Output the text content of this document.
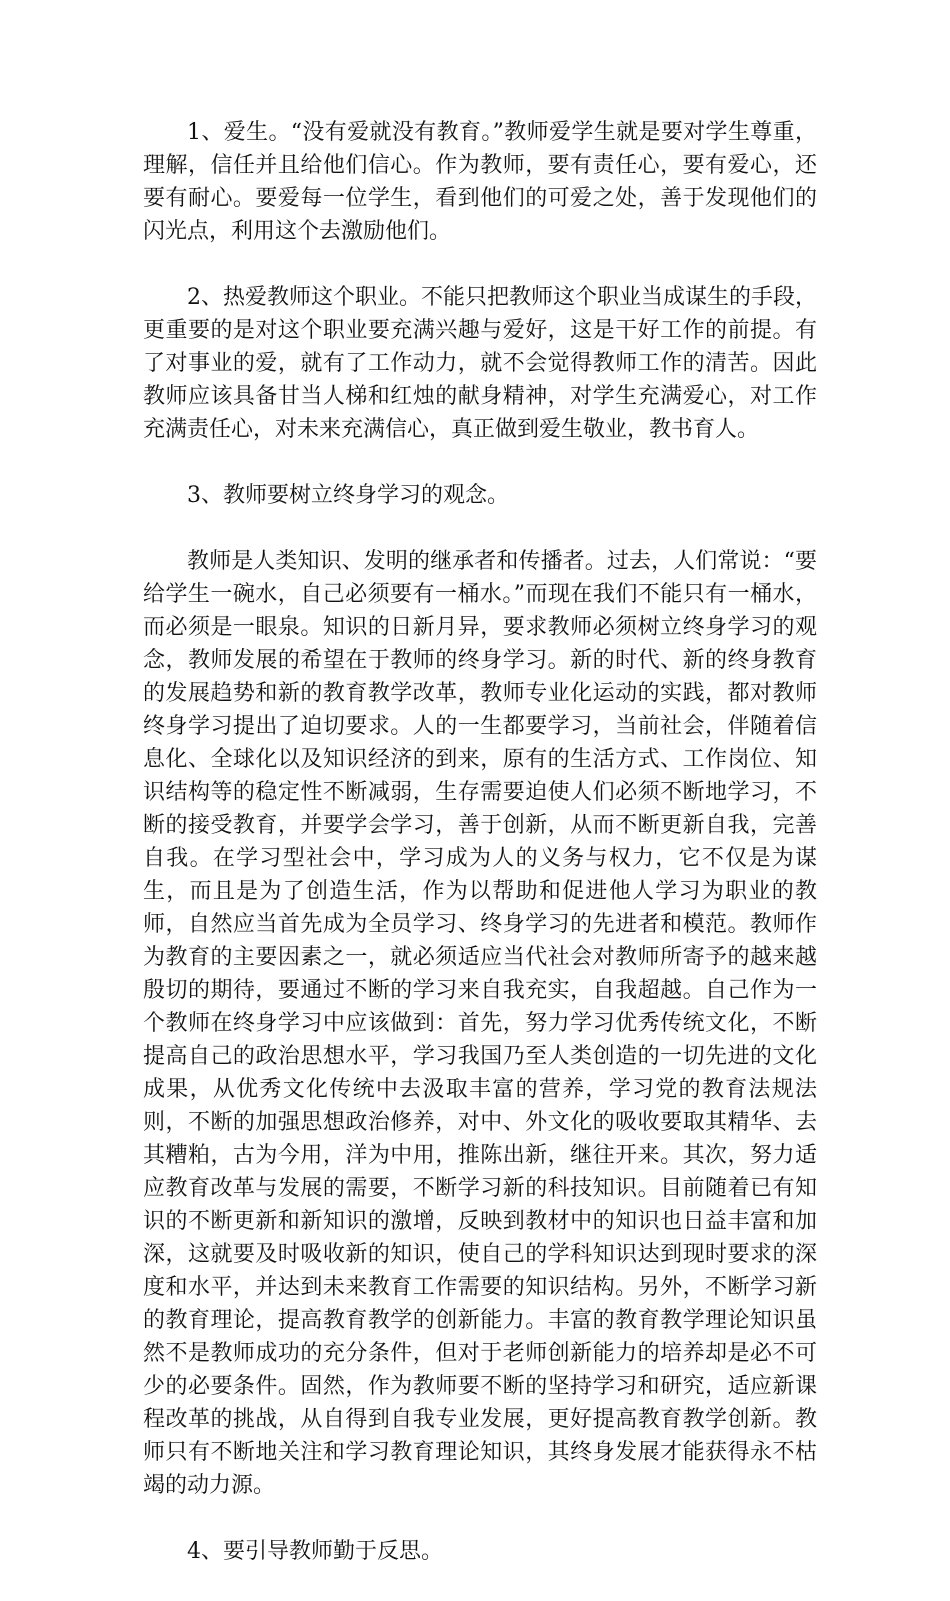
1、爱生。“没有爱就没有教育。”教师爱学生就是要对学生尊重，理解，信任并且给他们信心。作为教师，要有责任心，要有爱心，还要有耐心。要爱每一位学生，看到他们的可爱之处，善于发现他们的闪光点，利用这个去激励他们。

2、热爱教师这个职业。不能只把教师这个职业当成谋生的手段，更重要的是对这个职业要充满兴趣与爱好，这是干好工作的前提。有了对事业的爱，就有了工作动力，就不会觉得教师工作的清苦。因此教师应该具备甘当人梯和红烛的献身精神，对学生充满爱心，对工作充满责任心，对未来充满信心，真正做到爱生敬业，教书育人。

3、教师要树立终身学习的观念。

教师是人类知识、发明的继承者和传播者。过去，人们常说：“要给学生一碗水，自己必须要有一桶水。”而现在我们不能只有一桶水，而必须是一眼泉。知识的日新月异，要求教师必须树立终身学习的观念，教师发展的希望在于教师的终身学习。新的时代、新的终身教育的发展趋势和新的教育教学改革，教师专业化运动的实践，都对教师终身学习提出了迫切要求。人的一生都要学习，当前社会，伴随着信息化、全球化以及知识经济的到来，原有的生活方式、工作岗位、知识结构等的稳定性不断减弱，生存需要迫使人们必须不断地学习，不断的接受教育，并要学会学习，善于创新，从而不断更新自我，完善自我。在学习型社会中，学习成为人的义务与权力，它不仅是为谋生，而且是为了创造生活，作为以帮助和促进他人学习为职业的教师，自然应当首先成为全员学习、终身学习的先进者和模范。教师作为教育的主要因素之一，就必须适应当代社会对教师所寄予的越来越殷切的期待，要通过不断的学习来自我充实，自我超越。自己作为一个教师在终身学习中应该做到：首先，努力学习优秀传统文化，不断提高自己的政治思想水平，学习我国乃至人类创造的一切先进的文化成果，从优秀文化传统中去汲取丰富的营养，学习党的教育法规法则，不断的加强思想政治修养，对中、外文化的吸收要取其精华、去其糟粕，古为今用，洋为中用，推陈出新，继往开来。其次，努力适应教育改革与发展的需要，不断学习新的科技知识。目前随着已有知识的不断更新和新知识的激增，反映到教材中的知识也日益丰富和加深，这就要及时吸收新的知识，使自己的学科知识达到现时要求的深度和水平，并达到未来教育工作需要的知识结构。另外，不断学习新的教育理论，提高教育教学的创新能力。丰富的教育教学理论知识虽然不是教师成功的充分条件，但对于老师创新能力的培养却是必不可少的必要条件。固然，作为教师要不断的坚持学习和研究，适应新课程改革的挑战，从自得到自我专业发展，更好提高教育教学创新。教师只有不断地关注和学习教育理论知识，其终身发展才能获得永不枯竭的动力源。

4、要引导教师勤于反思。
